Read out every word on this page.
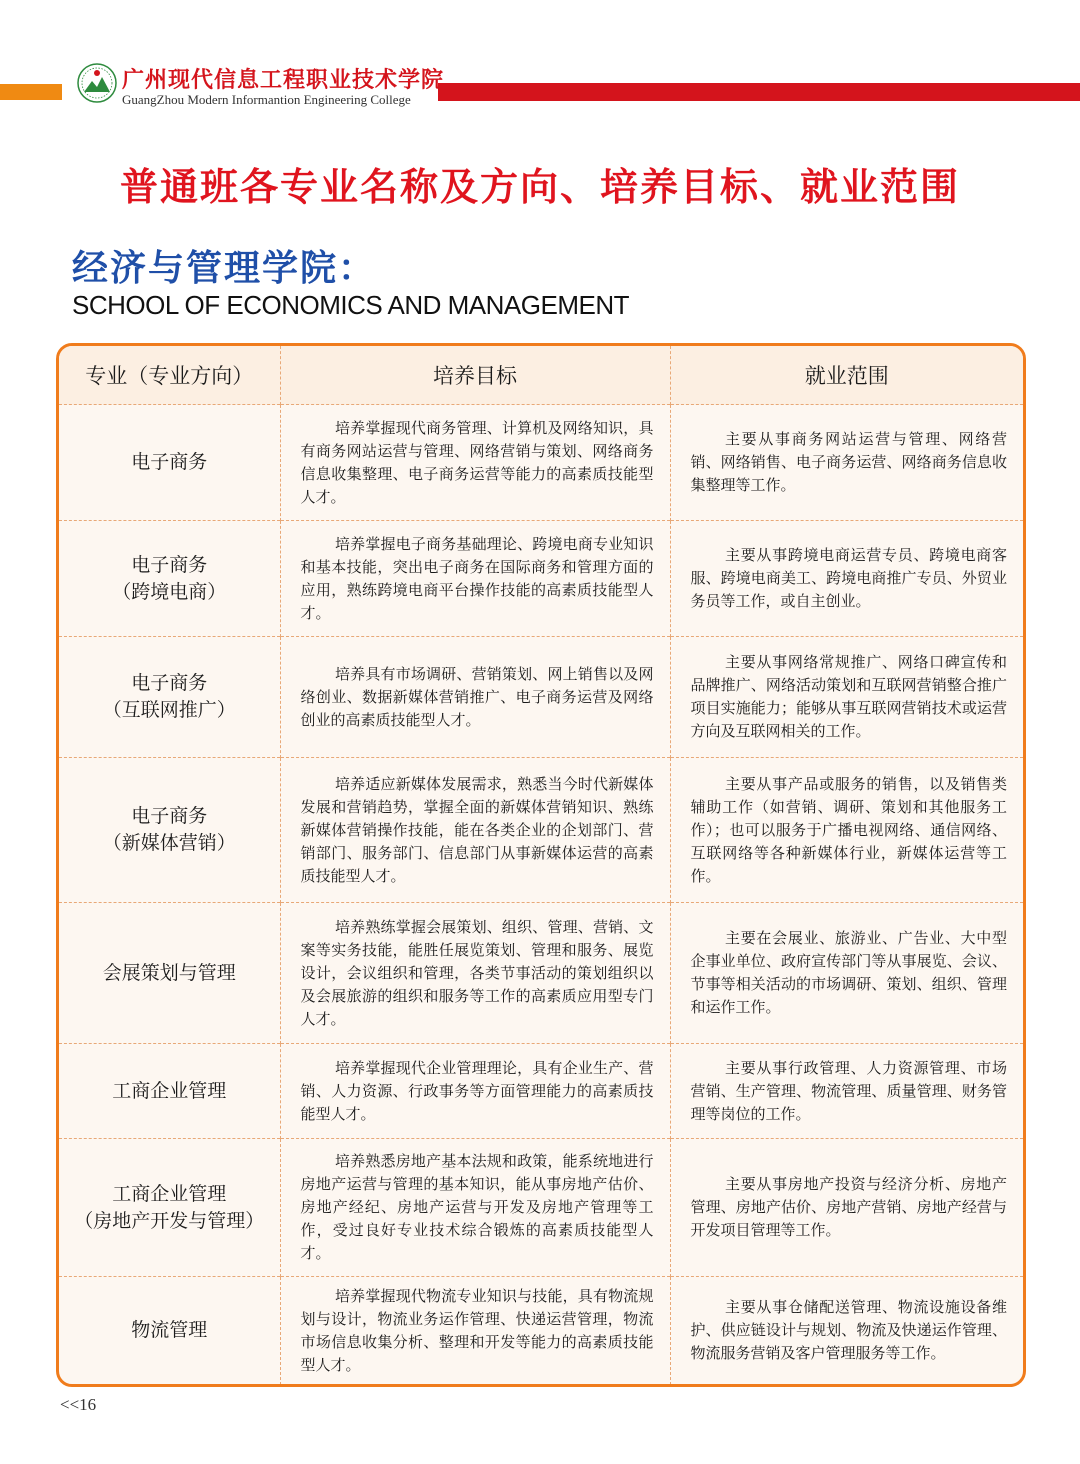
广州现代信息工程职业技术学院
GuangZhou Modern Informantion Engineering College
普通班各专业名称及方向、培养目标、就业范围
经济与管理学院：
SCHOOL OF ECONOMICS AND MANAGEMENT
专业（专业方向）	培养目标	就业范围

电子商务	培养掌握现代商务管理、计算机及网络知识，具有商务网站运营与管理、网络营销与策划、网络商务信息收集整理、电子商务运营等能力的高素质技能型人才。	主要从事商务网站运营与管理、网络营销、网络销售、电子商务运营、网络商务信息收集整理等工作。

电子商务
（跨境电商）	培养掌握电子商务基础理论、跨境电商专业知识和基本技能，突出电子商务在国际商务和管理方面的应用，熟练跨境电商平台操作技能的高素质技能型人才。	主要从事跨境电商运营专员、跨境电商客服、跨境电商美工、跨境电商推广专员、外贸业务员等工作，或自主创业。

电子商务
（互联网推广）	培养具有市场调研、营销策划、网上销售以及网络创业、数据新媒体营销推广、电子商务运营及网络创业的高素质技能型人才。	主要从事网络常规推广、网络口碑宣传和品牌推广、网络活动策划和互联网营销整合推广项目实施能力；能够从事互联网营销技术或运营方向及互联网相关的工作。

电子商务
（新媒体营销）	培养适应新媒体发展需求，熟悉当今时代新媒体发展和营销趋势，掌握全面的新媒体营销知识、熟练新媒体营销操作技能，能在各类企业的企划部门、营销部门、服务部门、信息部门从事新媒体运营的高素质技能型人才。	主要从事产品或服务的销售，以及销售类辅助工作（如营销、调研、策划和其他服务工作）；也可以服务于广播电视网络、通信网络、互联网络等各种新媒体行业，新媒体运营等工作。

会展策划与管理	培养熟练掌握会展策划、组织、管理、营销、文案等实务技能，能胜任展览策划、管理和服务、展览设计，会议组织和管理，各类节事活动的策划组织以及会展旅游的组织和服务等工作的高素质应用型专门人才。	主要在会展业、旅游业、广告业、大中型企事业单位、政府宣传部门等从事展览、会议、节事等相关活动的市场调研、策划、组织、管理和运作工作。

工商企业管理	培养掌握现代企业管理理论，具有企业生产、营销、人力资源、行政事务等方面管理能力的高素质技能型人才。	主要从事行政管理、人力资源管理、市场营销、生产管理、物流管理、质量管理、财务管理等岗位的工作。

工商企业管理
（房地产开发与管理）	培养熟悉房地产基本法规和政策，能系统地进行房地产运营与管理的基本知识，能从事房地产估价、房地产经纪、房地产运营与开发及房地产管理等工作，受过良好专业技术综合锻炼的高素质技能型人才。	主要从事房地产投资与经济分析、房地产管理、房地产估价、房地产营销、房地产经营与开发项目管理等工作。

物流管理	培养掌握现代物流专业知识与技能，具有物流规划与设计，物流业务运作管理、快递运营管理，物流市场信息收集分析、整理和开发等能力的高素质技能型人才。	主要从事仓储配送管理、物流设施设备维护、供应链设计与规划、物流及快递运作管理、物流服务营销及客户管理服务等工作。
<<16
